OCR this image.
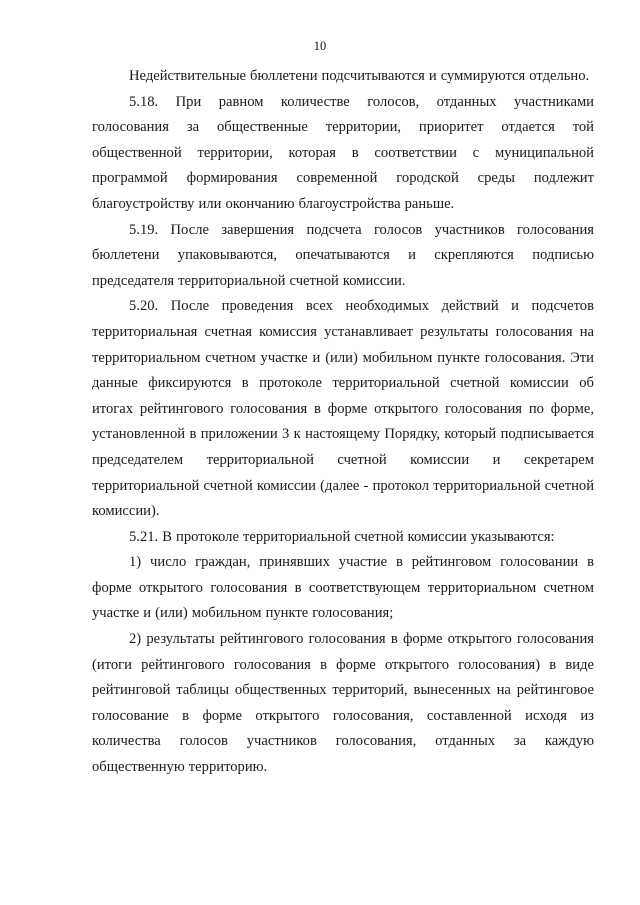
10

Недействительные бюллетени подсчитываются и суммируются отдельно.

5.18. При равном количестве голосов, отданных участниками голосования за общественные территории, приоритет отдается той общественной территории, которая в соответствии с муниципальной программой формирования современной городской среды подлежит благоустройству или окончанию благоустройства раньше.

5.19. После завершения подсчета голосов участников голосования бюллетени упаковываются, опечатываются и скрепляются подписью председателя территориальной счетной комиссии.

5.20. После проведения всех необходимых действий и подсчетов территориальная счетная комиссия устанавливает результаты голосования на территориальном счетном участке и (или) мобильном пункте голосования. Эти данные фиксируются в протоколе территориальной счетной комиссии об итогах рейтингового голосования в форме открытого голосования по форме, установленной в приложении 3 к настоящему Порядку, который подписывается председателем территориальной счетной комиссии и секретарем территориальной счетной комиссии (далее - протокол территориальной счетной комиссии).

5.21. В протоколе территориальной счетной комиссии указываются:

1) число граждан, принявших участие в рейтинговом голосовании в форме открытого голосования в соответствующем территориальном счетном участке и (или) мобильном пункте голосования;

2) результаты рейтингового голосования в форме открытого голосования (итоги рейтингового голосования в форме открытого голосования) в виде рейтинговой таблицы общественных территорий, вынесенных на рейтинговое голосование в форме открытого голосования, составленной исходя из количества голосов участников голосования, отданных за каждую общественную территорию.
